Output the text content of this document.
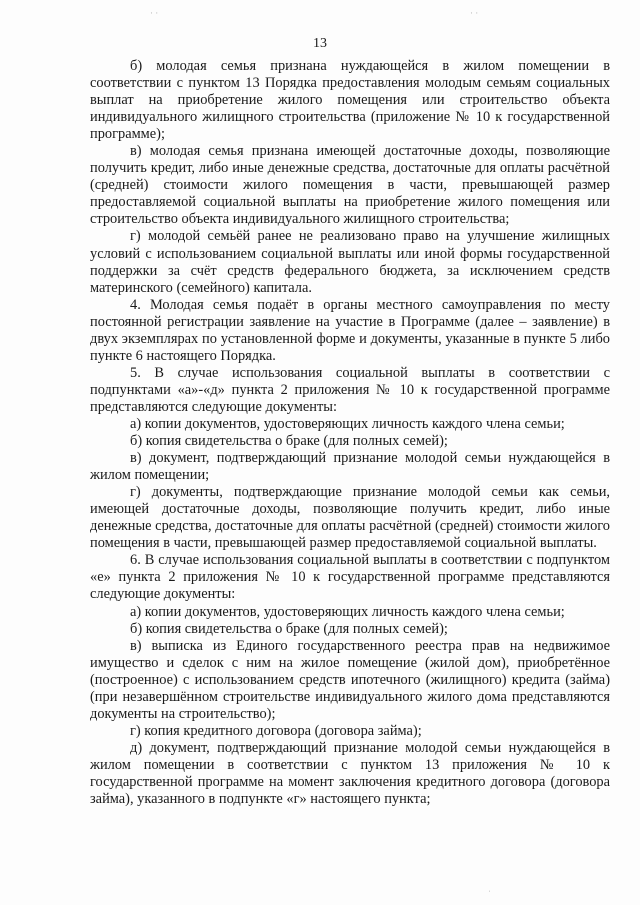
· ·	· ·
13

б) молодая семья признана нуждающейся в жилом помещении в соответствии с пунктом 13 Порядка предоставления молодым семьям социальных выплат на приобретение жилого помещения или строительство объекта индивидуального жилищного строительства (приложение № 10 к государственной программе);

в) молодая семья признана имеющей достаточные доходы, позволяющие получить кредит, либо иные денежные средства, достаточные для оплаты расчётной (средней) стоимости жилого помещения в части, превышающей размер предоставляемой социальной выплаты на приобретение жилого помещения или строительство объекта индивидуального жилищного строительства;

г) молодой семьёй ранее не реализовано право на улучшение жилищных условий с использованием социальной выплаты или иной формы государственной поддержки за счёт средств федерального бюджета, за исключением средств материнского (семейного) капитала.

4. Молодая семья подаёт в органы местного самоуправления по месту постоянной регистрации заявление на участие в Программе (далее – заявление) в двух экземплярах по установленной форме и документы, указанные в пункте 5 либо пункте 6 настоящего Порядка.

5. В случае использования социальной выплаты в соответствии с подпунктами «а»-«д» пункта 2 приложения № 10 к государственной программе представляются следующие документы:

а) копии документов, удостоверяющих личность каждого члена семьи;

б) копия свидетельства о браке (для полных семей);

в) документ, подтверждающий признание молодой семьи нуждающейся в жилом помещении;

г) документы, подтверждающие признание молодой семьи как семьи, имеющей достаточные доходы, позволяющие получить кредит, либо иные денежные средства, достаточные для оплаты расчётной (средней) стоимости жилого помещения в части, превышающей размер предоставляемой социальной выплаты.

6. В случае использования социальной выплаты в соответствии с подпунктом «е» пункта 2 приложения № 10 к государственной программе представляются следующие документы:

а) копии документов, удостоверяющих личность каждого члена семьи;

б) копия свидетельства о браке (для полных семей);

в) выписка из Единого государственного реестра прав на недвижимое имущество и сделок с ним на жилое помещение (жилой дом), приобретённое (построенное) с использованием средств ипотечного (жилищного) кредита (займа) (при незавершённом строительстве индивидуального жилого дома представляются документы на строительство);

г) копия кредитного договора (договора займа);

д) документ, подтверждающий признание молодой семьи нуждающейся в жилом помещении в соответствии с пунктом 13 приложения № 10 к государственной программе на момент заключения кредитного договора (договора займа), указанного в подпункте «г» настоящего пункта;

ˌ
